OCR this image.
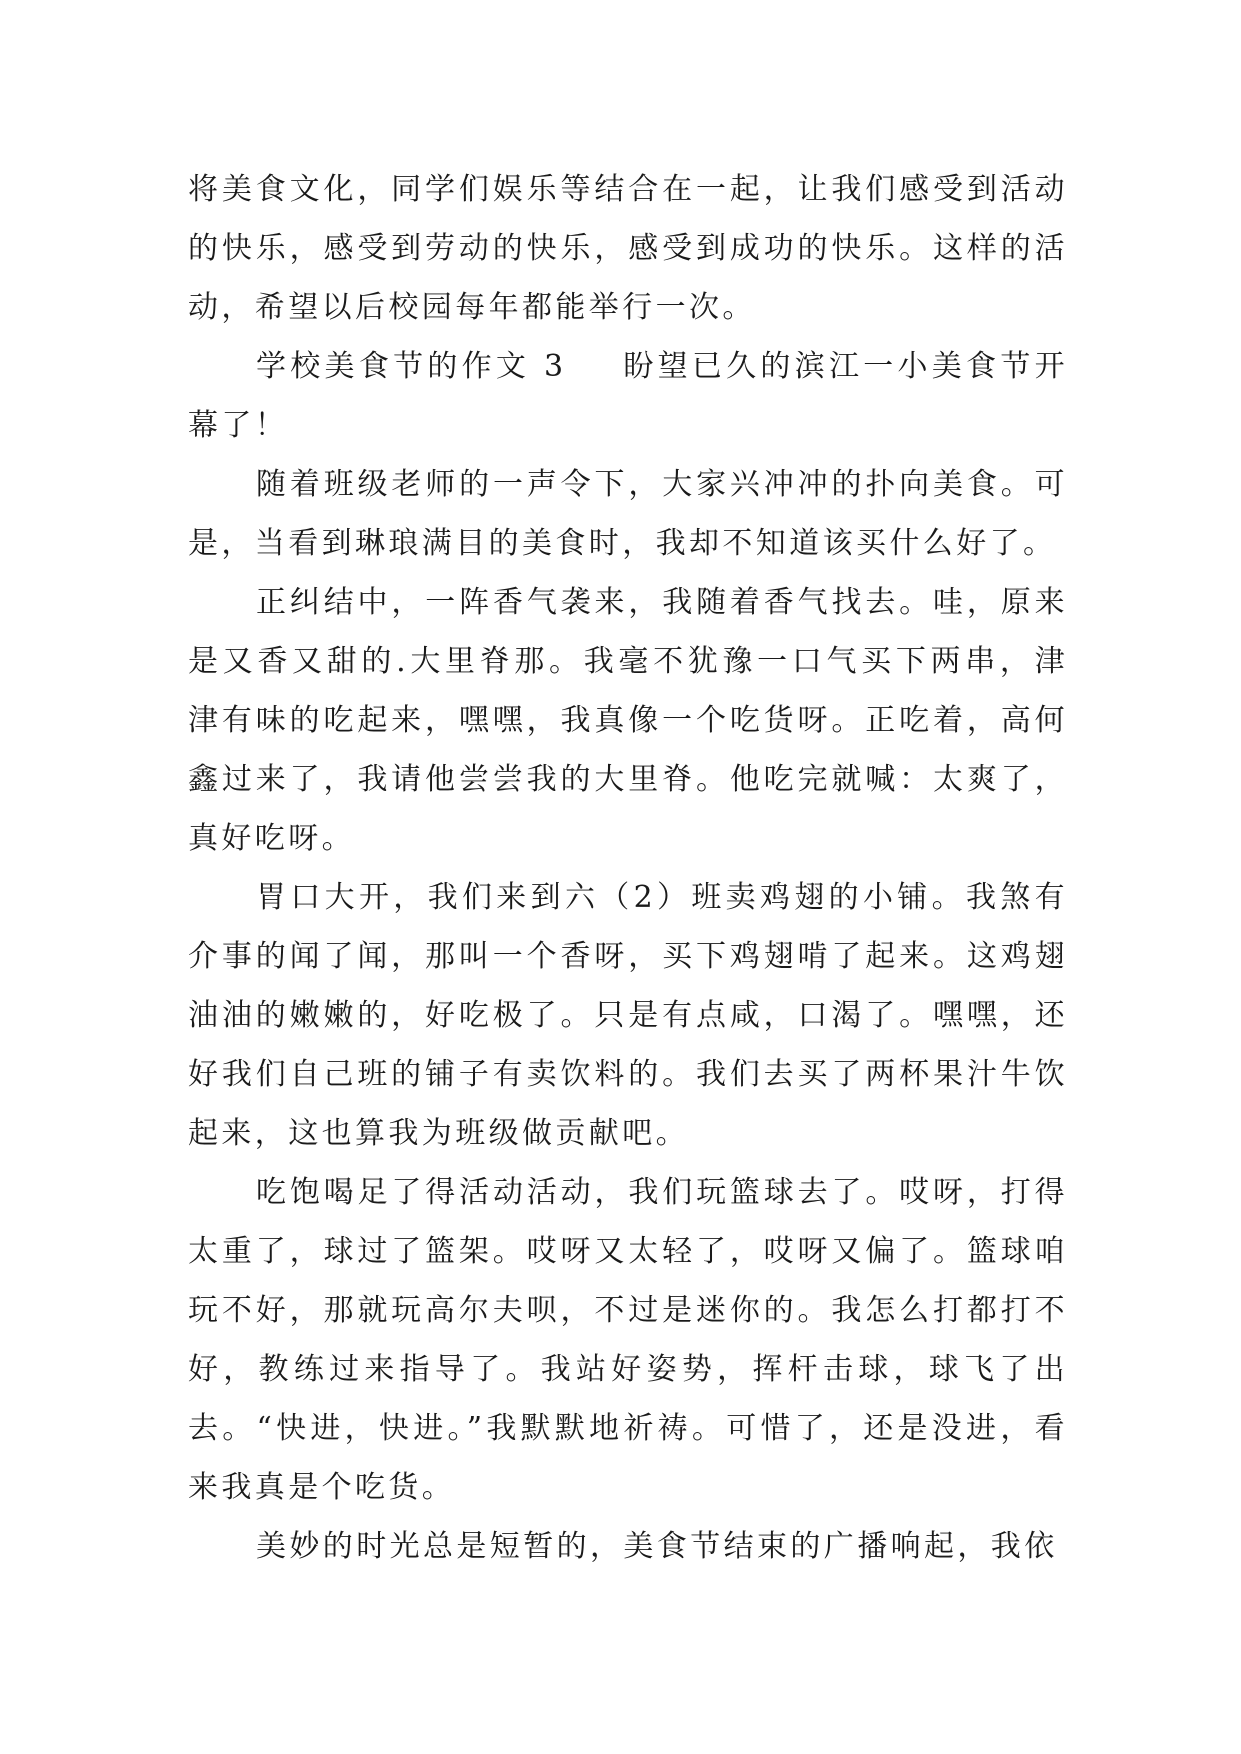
将美食文化，同学们娱乐等结合在一起，让我们感受到活动的快乐，感受到劳动的快乐，感受到成功的快乐。这样的活动，希望以后校园每年都能举行一次。

学校美食节的作文 3 盼望已久的滨江一小美食节开幕了！

随着班级老师的一声令下，大家兴冲冲的扑向美食。可是，当看到琳琅满目的美食时，我却不知道该买什么好了。

正纠结中，一阵香气袭来，我随着香气找去。哇，原来是又香又甜的.大里脊那。我毫不犹豫一口气买下两串，津津有味的吃起来，嘿嘿，我真像一个吃货呀。正吃着，高何鑫过来了，我请他尝尝我的大里脊。他吃完就喊：太爽了，真好吃呀。

胃口大开，我们来到六（2）班卖鸡翅的小铺。我煞有介事的闻了闻，那叫一个香呀，买下鸡翅啃了起来。这鸡翅油油的嫩嫩的，好吃极了。只是有点咸，口渴了。嘿嘿，还好我们自己班的铺子有卖饮料的。我们去买了两杯果汁牛饮起来，这也算我为班级做贡献吧。

吃饱喝足了得活动活动，我们玩篮球去了。哎呀，打得太重了，球过了篮架。哎呀又太轻了，哎呀又偏了。篮球咱玩不好，那就玩高尔夫呗，不过是迷你的。我怎么打都打不好，教练过来指导了。我站好姿势，挥杆击球，球飞了出去。“快进，快进。”我默默地祈祷。可惜了，还是没进，看来我真是个吃货。

美妙的时光总是短暂的，美食节结束的广播响起，我依
